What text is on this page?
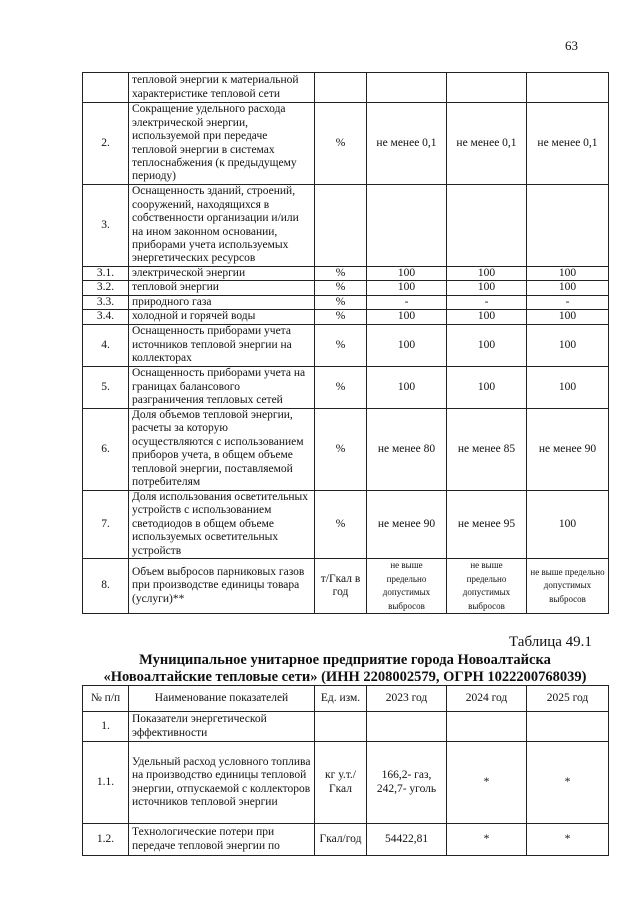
63
	тепловой энергии к материальной характеристике тепловой сети				
2.	Сокращение удельного расхода электрической энергии, используемой при передаче тепловой энергии в системах теплоснабжения (к предыдущему периоду)	%	не менее 0,1	не менее 0,1	не менее 0,1
3.	Оснащенность зданий, строений, сооружений, находящихся в собственности организации и/или на ином законном основании, приборами учета используемых энергетических ресурсов				
3.1.	электрической энергии	%	100	100	100
3.2.	тепловой энергии	%	100	100	100
3.3.	природного газа	%	-	-	-
3.4.	холодной и горячей воды	%	100	100	100
4.	Оснащенность приборами учета источников тепловой энергии на коллекторах	%	100	100	100
5.	Оснащенность приборами учета на границах балансового разграничения тепловых сетей	%	100	100	100
6.	Доля объемов тепловой энергии, расчеты за которую осуществляются с использованием приборов учета, в общем объеме тепловой энергии, поставляемой потребителям	%	не менее 80	не менее 85	не менее 90
7.	Доля использования осветительных устройств с использованием светодиодов в общем объеме используемых осветительных устройств	%	не менее 90	не менее 95	100
8.	Объем выбросов парниковых газов при производстве единицы товара (услуги)**	т/Гкал в год	не выше предельно допустимых выбросов	не выше предельно допустимых выбросов	не выше предельно допустимых выбросов
Таблица 49.1
Муниципальное унитарное предприятие города Новоалтайска
«Новоалтайские тепловые сети» (ИНН 2208002579, ОГРН 1022200768039)
№ п/п	Наименование показателей	Ед. изм.	2023 год	2024 год	2025 год
1.	Показатели энергетической эффективности				
1.1.	Удельный расход условного топлива на производство единицы тепловой энергии, отпускаемой с коллекторов источников тепловой энергии	кг у.т./Гкал	166,2- газ, 242,7- уголь	*	*
1.2.	Технологические потери при передаче тепловой энергии по	Гкал/год	54422,81	*	*
